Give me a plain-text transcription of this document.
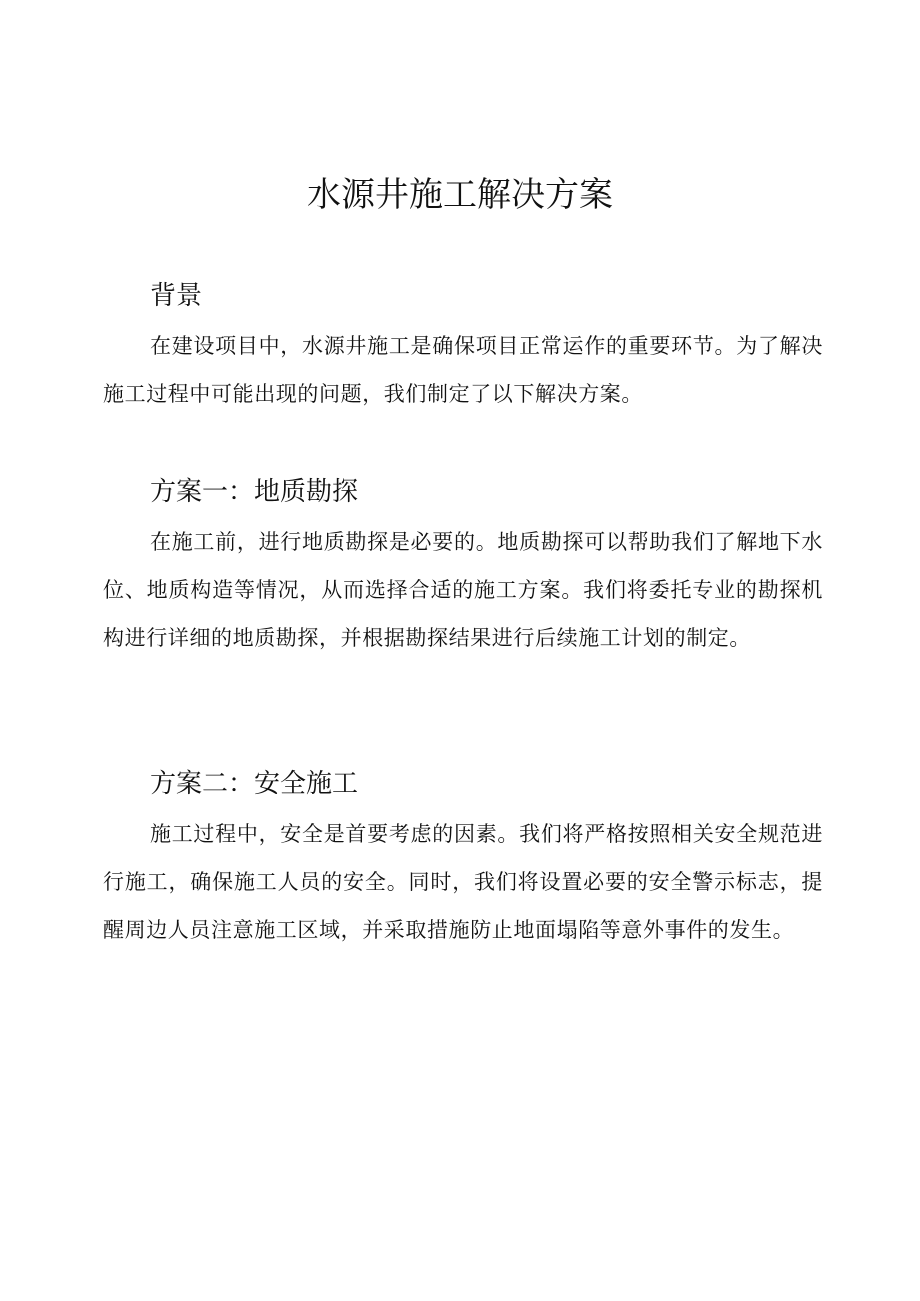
水源井施工解决方案
背景

在建设项目中，水源井施工是确保项目正常运作的重要环节。为了解决施工过程中可能出现的问题，我们制定了以下解决方案。

方案一：地质勘探

在施工前，进行地质勘探是必要的。地质勘探可以帮助我们了解地下水位、地质构造等情况，从而选择合适的施工方案。我们将委托专业的勘探机构进行详细的地质勘探，并根据勘探结果进行后续施工计划的制定。

方案二：安全施工

施工过程中，安全是首要考虑的因素。我们将严格按照相关安全规范进行施工，确保施工人员的安全。同时，我们将设置必要的安全警示标志，提醒周边人员注意施工区域，并采取措施防止地面塌陷等意外事件的发生。
